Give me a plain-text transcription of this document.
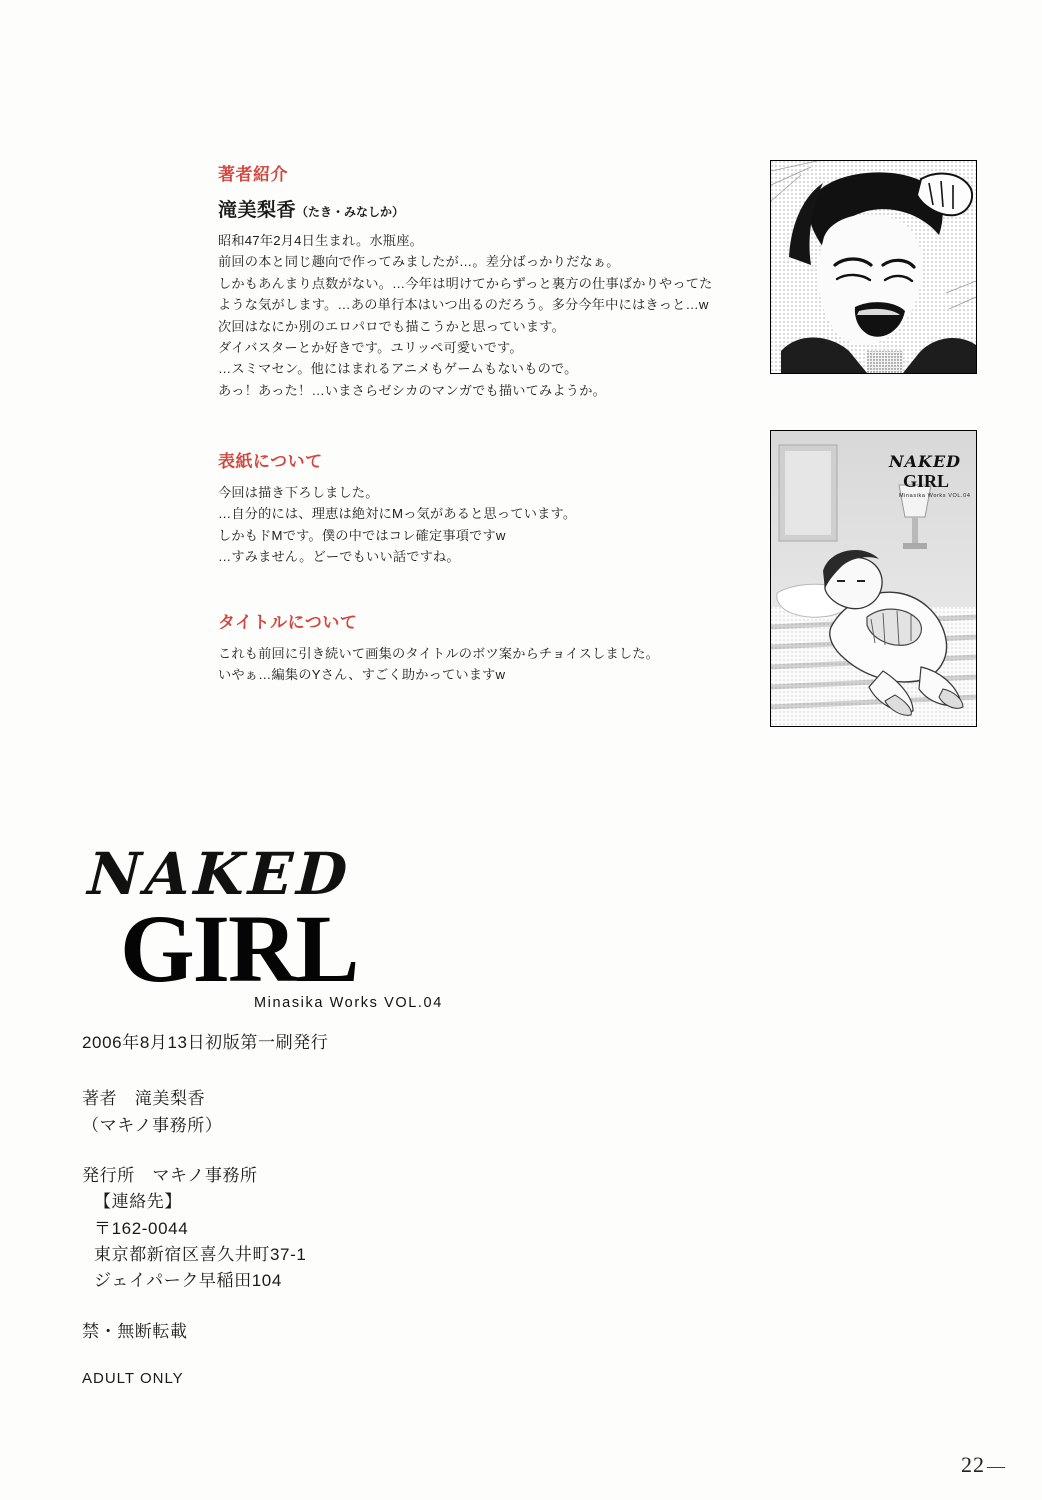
著者紹介

滝美梨香（たき・みなしか）

昭和47年2月4日生まれ。水瓶座。
前回の本と同じ趣向で作ってみましたが…。差分ばっかりだなぁ。
しかもあんまり点数がない。…今年は明けてからずっと裏方の仕事ばかりやってた
ような気がします。…あの単行本はいつ出るのだろう。多分今年中にはきっと…w
次回はなにか別のエロパロでも描こうかと思っています。
ダイバスターとか好きです。ユリッペ可愛いです。
…スミマセン。他にはまれるアニメもゲームもないもので。
あっ！あった！…いまさらゼシカのマンガでも描いてみようか。
表紙について
今回は描き下ろしました。
…自分的には、理恵は絶対にMっ気があると思っています。
しかもドMです。僕の中ではコレ確定事項ですw
…すみません。どーでもいい話ですね。
タイトルについて
これも前回に引き続いて画集のタイトルのボツ案からチョイスしました。
いやぁ…編集のYさん、すごく助かっていますw
NAKED
GIRL
Minasika Works VOL.04
NAKED
GIRL
Minasika Works VOL.04
2006年8月13日初版第一刷発行
著者　滝美梨香
（マキノ事務所）
発行所　マキノ事務所
【連絡先】
〒162-0044
東京都新宿区喜久井町37-1
ジェイパーク早稲田104
禁・無断転載
ADULT ONLY
22 —
